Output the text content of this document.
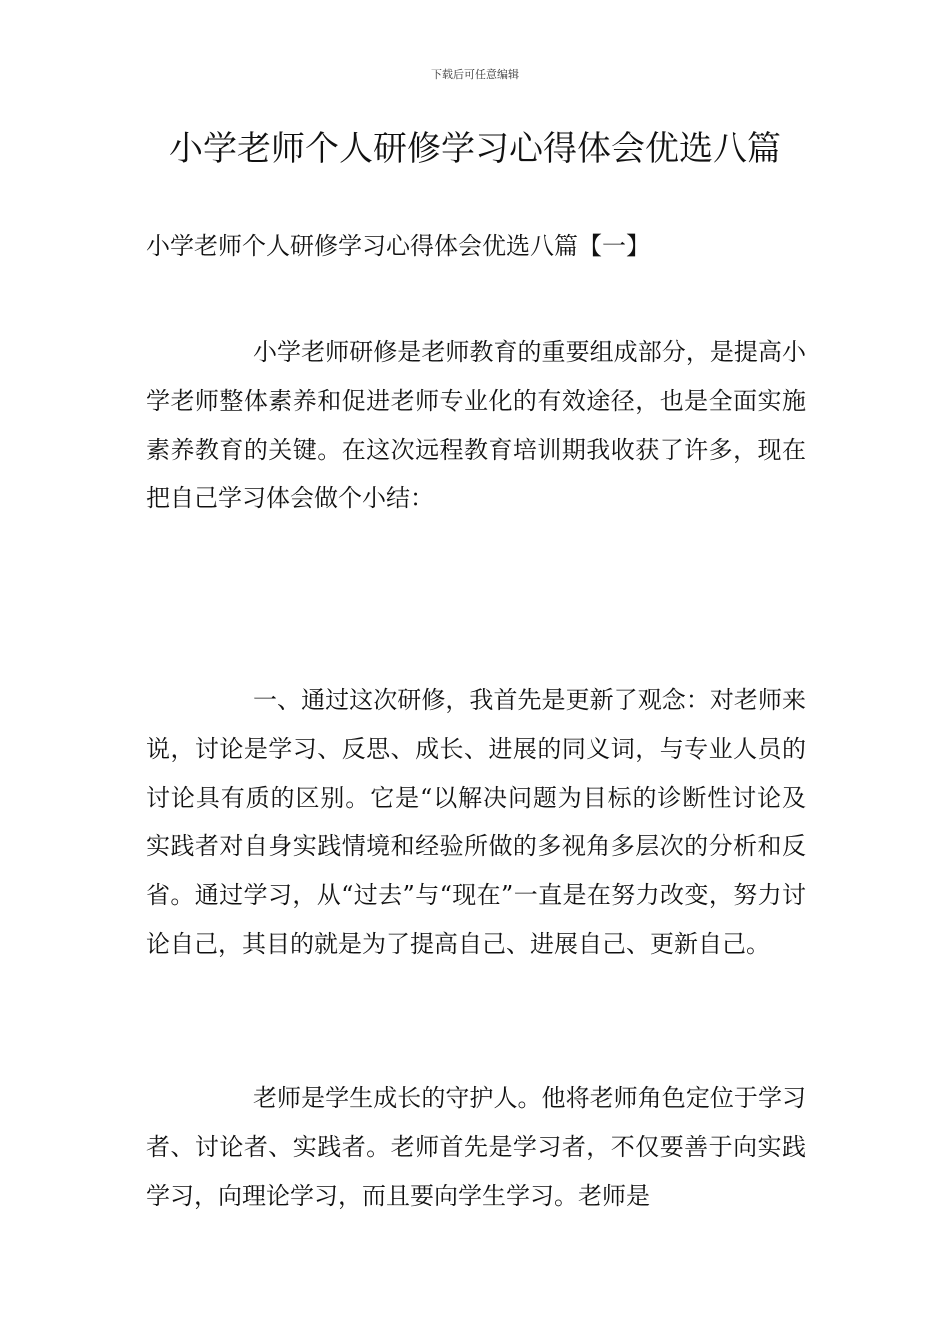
下载后可任意编辑
小学老师个人研修学习心得体会优选八篇
小学老师个人研修学习心得体会优选八篇【一】

小学老师研修是老师教育的重要组成部分，是提高小学老师整体素养和促进老师专业化的有效途径，也是全面实施素养教育的关键。在这次远程教育培训期我收获了许多，现在把自己学习体会做个小结：

一、通过这次研修，我首先是更新了观念：对老师来说，讨论是学习、反思、成长、进展的同义词，与专业人员的讨论具有质的区别。它是“以解决问题为目标的诊断性讨论及实践者对自身实践情境和经验所做的多视角多层次的分析和反省。通过学习，从“过去”与“现在”一直是在努力改变，努力讨论自己，其目的就是为了提高自己、进展自己、更新自己。

老师是学生成长的守护人。他将老师角色定位于学习者、讨论者、实践者。老师首先是学习者，不仅要善于向实践学习，向理论学习，而且要向学生学习。老师是
